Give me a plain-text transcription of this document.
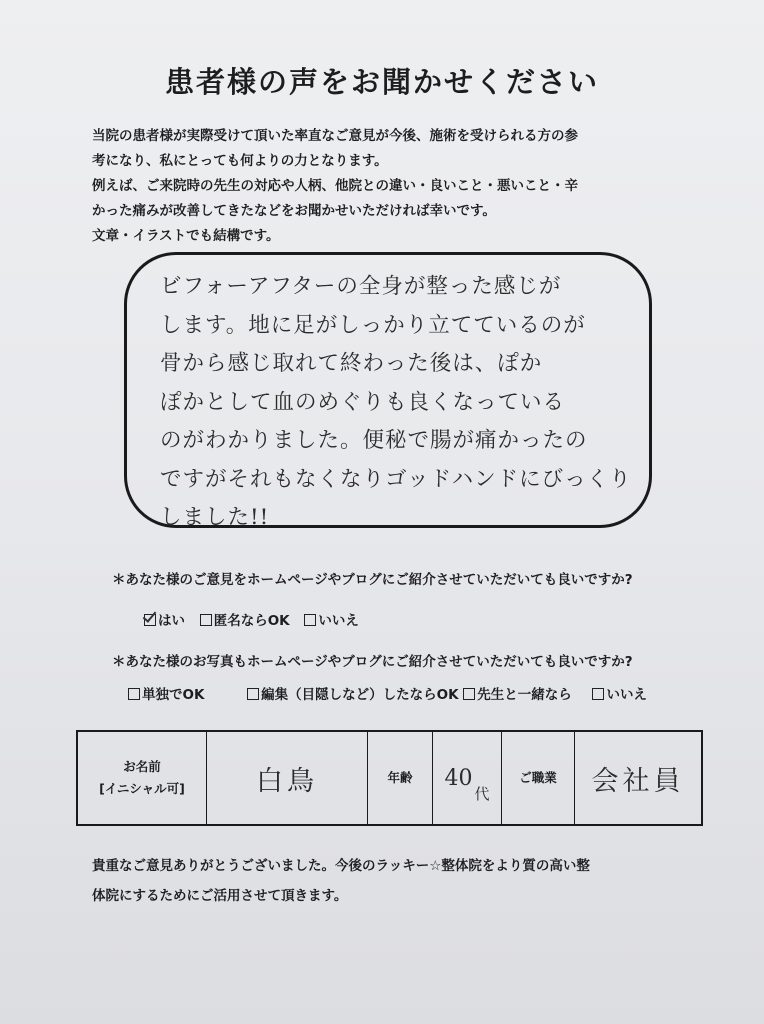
患者様の声をお聞かせください

当院の患者様が実際受けて頂いた率直なご意見が今後、施術を受けられる方の参

考になり、私にとっても何よりの力となります。

例えば、ご来院時の先生の対応や人柄、他院との違い・良いこと・悪いこと・辛

かった痛みが改善してきたなどをお聞かせいただければ幸いです。

文章・イラストでも結構です。

ビフォーアフターの全身が整った感じが
します。地に足がしっかり立てているのが
骨から感じ取れて終わった後は、ぽか
ぽかとして血のめぐりも良くなっている
のがわかりました。便秘で腸が痛かったの
ですがそれもなくなりゴッドハンドにびっくり
しました!!
＊あなた様のご意見をホームページやブログにご紹介させていただいても良いですか?
はい 匿名ならOK いいえ
＊あなた様のお写真もホームページやブログにご紹介させていただいても良いですか?
単独でOK	編集（目隠しなど）したならOK 先生と一緒なら	いいえ
お名前
[イニシャル可]	白鳥	年齢	40代	ご職業	会社員

貴重なご意見ありがとうございました。今後のラッキー☆整体院をより質の高い整

体院にするためにご活用させて頂きます。
